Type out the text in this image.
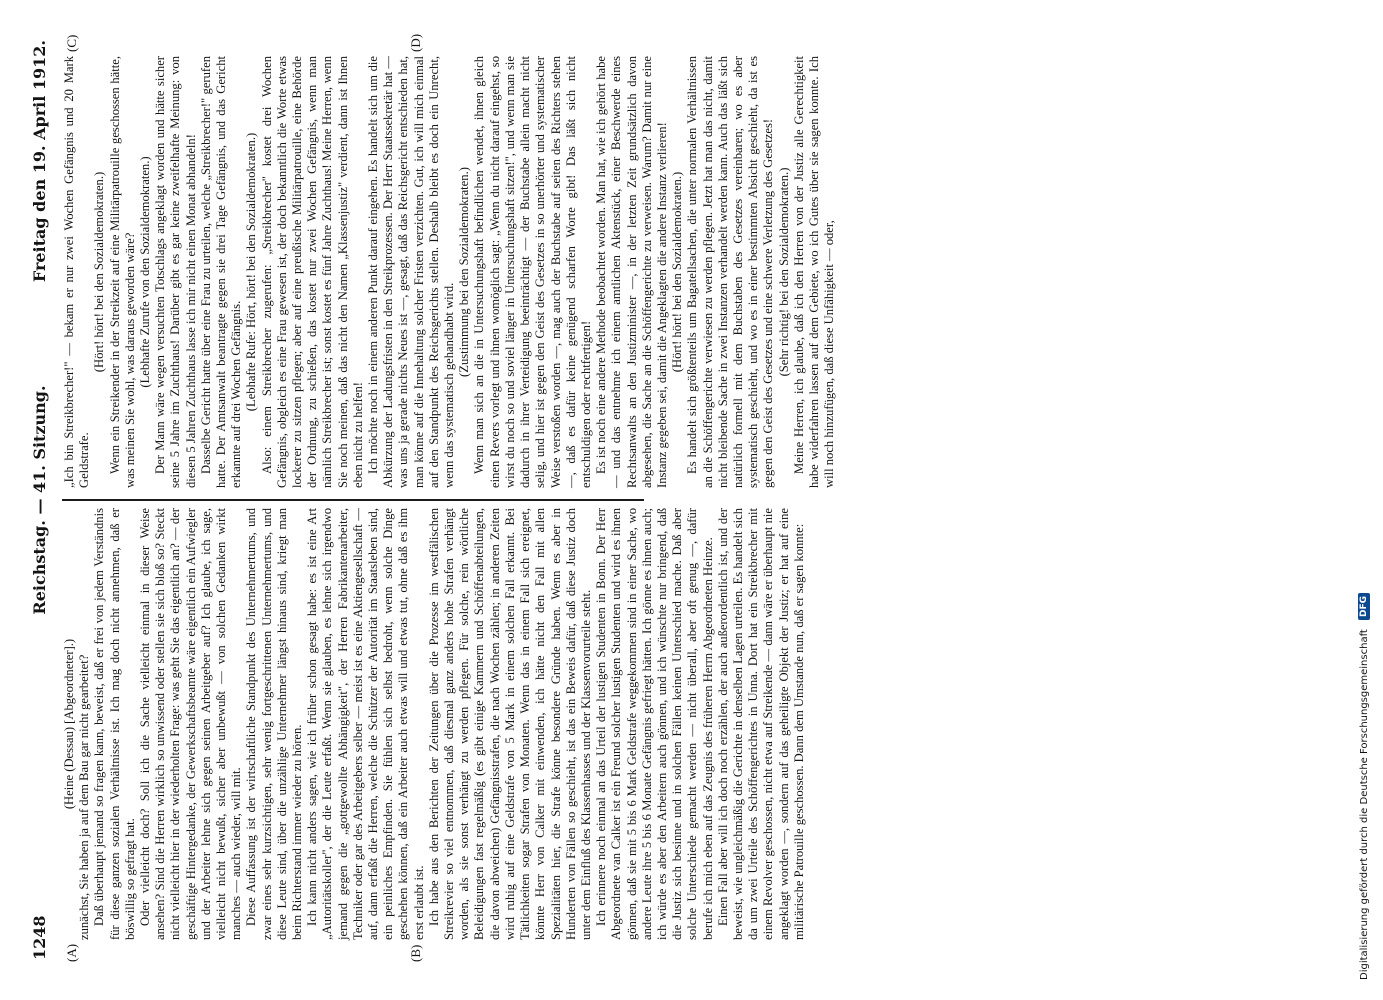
1248
Reichstag. — 41. Sitzung.
Freitag den 19. April 1912.
(A)	(B)
(C)	(D)

(Heine (Dessau) [Abgeordneter].) zunächst, Sie haben ja auf dem Bau gar nicht gearbeitet? Daß überhaupt jemand so fragen kann, beweist, daß er frei von jedem Verständnis für diese ganzen sozialen Verhältnisse ist. Ich mag doch nicht annehmen, daß er böswillig so gefragt hat. Oder vielleicht doch? Soll ich die Sache vielleicht einmal in dieser Weise ansehen? Sind die Herren wirklich so unwissend oder stellen sie sich bloß so? Steckt nicht vielleicht hier in der wiederholten Frage: was geht Sie das eigentlich an? — der geschäftige Hintergedanke, der Gewerkschaftsbeamte wäre eigentlich ein Aufwiegler und der Arbeiter lehne sich gegen seinen Arbeitgeber auf? Ich glaube, ich sage, vielleicht nicht bewußt, sicher aber unbewußt — von solchen Gedanken wirkt manches — auch wieder, will mit. Diese Auffassung ist der wirtschaftliche Standpunkt des Unternehmertums, und zwar eines sehr kurzsichtigen, sehr wenig fortgeschrittenen Unternehmertums, und diese Leute sind, über die unzählige Unternehmer längst hinaus sind, kriegt man beim Richterstand immer wieder zu hören. Ich kann nicht anders sagen, wie ich früher schon gesagt habe: es ist eine Art „Autoritätskoller", der die Leute erfaßt. Wenn sie glauben, es lehne sich irgendwo jemand gegen die „gottgewollte Abhängigkeit", der Herren Fabrikantenarbeiter, Techniker oder gar des Arbeitgebers selber — meist ist es eine Aktiengesellschaft — auf, dann erfaßt die Herren, welche die Schützer der Autorität im Staatsleben sind, ein peinliches Empfinden. Sie fühlen sich selbst bedroht, wenn solche Dinge geschehen können, daß ein Arbeiter auch etwas will und etwas tut, ohne daß es ihm erst erlaubt ist. Ich habe aus den Berichten der Zeitungen über die Prozesse im westfälischen Streikrevier so viel entnommen, daß diesmal ganz anders hohe Strafen verhängt worden, als sie sonst verhängt zu werden pflegen. Für solche, rein wörtliche Beleidigungen fast regelmäßig (es gibt einige Kammern und Schöffenabteilungen, die davon abweichen) Gefängnisstrafen, die nach Wochen zählen; in anderen Zeiten wird ruhig auf eine Geldstrafe von 5 Mark in einem solchen Fall erkannt. Bei Tätlichkeiten sogar Strafen von Monaten. Wenn das in einem Fall sich ereignet, könnte Herr von Calker mit einwenden, ich hätte nicht den Fall mit allen Spezialitäten hier, die Strafe könne besondere Gründe haben. Wenn es aber in Hunderten von Fällen so geschieht, ist das ein Beweis dafür, daß diese Justiz doch unter dem Einfluß des Klassenhasses und der Klassenvorurteile steht. Ich erinnere noch einmal an das Urteil der lustigen Studenten in Bonn. Der Herr Abgeordnete van Calker ist ein Freund solcher lustigen Studenten und wird es ihnen gönnen, daß sie mit 5 bis 6 Mark Geldstrafe weggekommen sind in einer Sache, wo andere Leute ihre 5 bis 6 Monate Gefängnis gefriegt hätten. Ich gönne es ihnen auch; ich würde es aber den Arbeitern auch gönnen, und ich wünschte nur bringend, daß die Justiz sich besinne und in solchen Fällen keinen Unterschied mache. Daß aber solche Unterschiede gemacht werden — nicht überall, aber oft genug —, dafür berufe ich mich eben auf das Zeugnis des früheren Herrn Abgeordneten Heinze. Einen Fall aber will ich doch noch erzählen, der auch außerordentlich ist, und der beweist, wie ungleichmäßig die Gerichte in denselben Lagen urteilen. Es handelt sich da um zwei Urteile des Schöffengerichtes in Unna. Dort hat ein Streikbrecher mit einem Revolver geschossen, nicht etwa auf Streikende — dann wäre er überhaupt nie angeklagt worden —, sondern auf das geheiligte Objekt der Justiz; er hat auf eine militärische Patrouille geschossen. Dann dem Umstande nun, daß er sagen konnte:

„Ich bin Streikbrecher!" — bekam er nur zwei Wochen Gefängnis und 20 Mark Geldstrafe.

(Hört! hört! bei den Sozialdemokraten.) Wenn ein Streikender in der Streikzeit auf eine Militärpatrouille geschossen hätte, was meinen Sie wohl, was daraus geworden wäre? (Lebhafte Zurufe von den Sozialdemokraten.) Der Mann wäre wegen versuchten Totschlags angeklagt worden und hätte sicher seine 5 Jahre im Zuchthaus! Darüber gibt es gar keine zweifelhafte Meinung: von diesen 5 Jahren Zuchthaus lasse ich mir nicht einen Monat abhandeln! Dasselbe Gericht hatte über eine Frau zu urteilen, welche „Streikbrecher!" gerufen hatte. Der Amtsanwalt beantragte gegen sie drei Tage Gefängnis, und das Gericht erkannte auf drei Wochen Gefängnis. (Lebhafte Rufe: Hört, hört! bei den Sozialdemokraten.) Also: einem Streikbrecher zugerufen: „Streikbrecher" kostet drei Wochen Gefängnis, obgleich es eine Frau gewesen ist, der doch bekanntlich die Worte etwas lockerer zu sitzen pflegen; aber auf eine preußische Militärpatrouille, eine Behörde der Ordnung, zu schießen, das kostet nur zwei Wochen Gefängnis, wenn man nämlich Streikbrecher ist; sonst kostet es fünf Jahre Zuchthaus! Meine Herren, wenn Sie noch meinen, daß das nicht den Namen „Klassenjustiz" verdient, dann ist Ihnen eben nicht zu helfen! Ich möchte noch in einem anderen Punkt darauf eingehen. Es handelt sich um die Abkürzung der Ladungsfristen in den Streikprozessen. Der Herr Staatssekretär hat — was uns ja gerade nichts Neues ist —, gesagt, daß das Reichsgericht entschieden hat, man könne auf die Innehaltung solcher Fristen verzichten. Gut, ich will mich einmal auf den Standpunkt des Reichsgerichts stellen. Deshalb bleibt es doch ein Unrecht, wenn das systematisch gehandhabt wird.

(Zustimmung bei den Sozialdemokraten.) Wenn man sich an die in Untersuchungshaft befindlichen wendet, ihnen gleich einen Revers vorlegt und ihnen womöglich sagt: „Wenn du nicht darauf eingehst, so wirst du noch so und soviel länger in Untersuchungshaft sitzen!", und wenn man sie dadurch in ihrer Verteidigung beeinträchtigt — der Buchstabe allein macht nicht selig, und hier ist gegen den Geist des Gesetzes in so unerhörter und systematischer Weise verstoßen worden —, mag auch der Buchstabe auf seiten des Richters stehen —, daß es dafür keine genügend scharfen Worte gibt! Das läßt sich nicht entschuldigen oder rechtfertigen! Es ist noch eine andere Methode beobachtet worden. Man hat, wie ich gehört habe — und das entnehme ich einem amtlichen Aktenstück, einer Beschwerde eines Rechtsanwalts an den Justizminister —, in der letzten Zeit grundsätzlich davon abgesehen, die Sache an die Schöffengerichte zu verweisen. Warum? Damit nur eine Instanz gegeben sei, damit die Angeklagten die andere Instanz verlieren! (Hört! hört! bei den Sozialdemokraten.) Es handelt sich größtenteils um Bagatellsachen, die unter normalen Verhältnissen an die Schöffengerichte verwiesen zu werden pflegen. Jetzt hat man das nicht, damit nicht bleibende Sache in zwei Instanzen verhandelt werden kann. Auch das läßt sich natürlich formell mit dem Buchstaben des Gesetzes vereinbaren; wo es aber systematisch geschieht, und wo es in einer bestimmten Absicht geschieht, da ist es gegen den Geist des Gesetzes und eine schwere Verletzung des Gesetzes! (Sehr richtig! bei den Sozialdemokraten.) Meine Herren, ich glaube, daß ich den Herren von der Justiz alle Gerechtigkeit habe widerfahren lassen auf dem Gebiete, wo ich Gutes über sie sagen konnte. Ich will noch hinzufügen, daß diese Unfähigkeit — oder,

Digitalisierung gefördert durch die Deutsche Forschungsgemeinschaft DFG
